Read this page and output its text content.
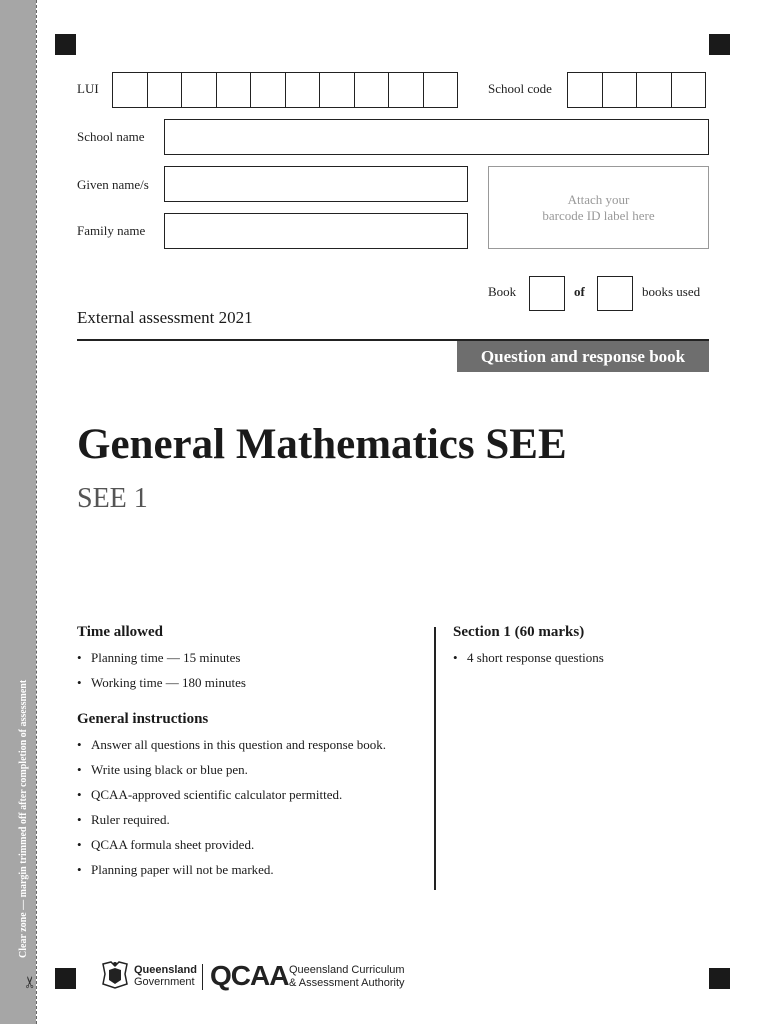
Clear zone — margin trimmed off after completion of assessment
✂
LUI	School code
School name
Given name/s
Family name
Attach your
barcode ID label here
Book	of	books used
External assessment 2021
Question and response book
General Mathematics SEE
SEE 1
Time allowed
• Planning time — 15 minutes
• Working time — 180 minutes
General instructions
• Answer all questions in this question and response book.
• Write using black or blue pen.
• QCAA-approved scientific calculator permitted.
• Ruler required.
• QCAA formula sheet provided.
• Planning paper will not be marked.
Section 1 (60 marks)
• 4 short response questions
Queensland
Government QCAA Queensland Curriculum
& Assessment Authority
